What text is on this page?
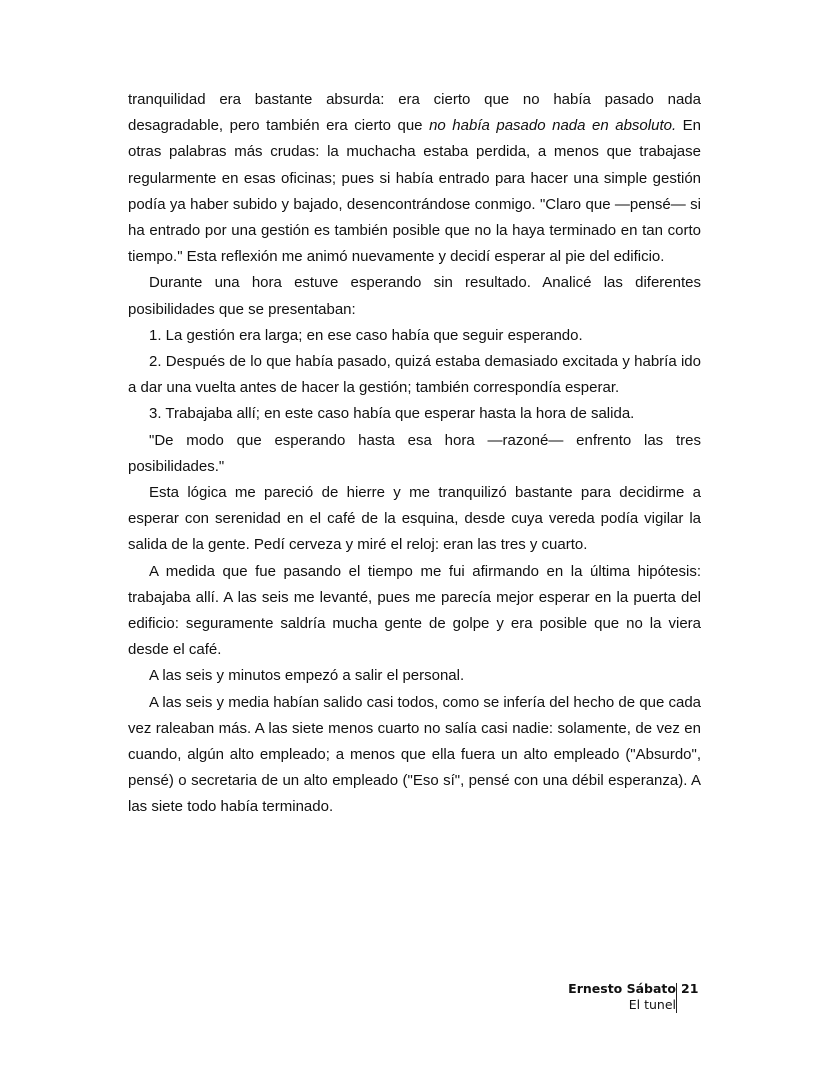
tranquilidad era bastante absurda: era cierto que no había pasado nada desagradable, pero también era cierto que no había pasado nada en absoluto. En otras palabras más crudas: la muchacha estaba perdida, a menos que trabajase regularmente en esas oficinas; pues si había entrado para hacer una simple gestión podía ya haber subido y bajado, desencontrándose conmigo. "Claro que —pensé— si ha entrado por una gestión es también posible que no la haya terminado en tan corto tiempo." Esta reflexión me animó nuevamente y decidí esperar al pie del edificio.

Durante una hora estuve esperando sin resultado. Analicé las diferentes posibilidades que se presentaban:

1. La gestión era larga; en ese caso había que seguir esperando.

2. Después de lo que había pasado, quizá estaba demasiado excitada y habría ido a dar una vuelta antes de hacer la gestión; también correspondía esperar.

3. Trabajaba allí; en este caso había que esperar hasta la hora de salida.

"De modo que esperando hasta esa hora —razoné— enfrento las tres posibilidades."

Esta lógica me pareció de hierre y me tranquilizó bastante para decidirme a esperar con serenidad en el café de la esquina, desde cuya vereda podía vigilar la salida de la gente. Pedí cerveza y miré el reloj: eran las tres y cuarto.

A medida que fue pasando el tiempo me fui afirmando en la última hipótesis: trabajaba allí. A las seis me levanté, pues me parecía mejor esperar en la puerta del edificio: seguramente saldría mucha gente de golpe y era posible que no la viera desde el café.

A las seis y minutos empezó a salir el personal.

A las seis y media habían salido casi todos, como se infería del hecho de que cada vez raleaban más. A las siete menos cuarto no salía casi nadie: solamente, de vez en cuando, algún alto empleado; a menos que ella fuera un alto empleado ("Absurdo", pensé) o secretaria de un alto empleado ("Eso sí", pensé con una débil esperanza). A las siete todo había terminado.

Ernesto Sábato
El tunel
21
